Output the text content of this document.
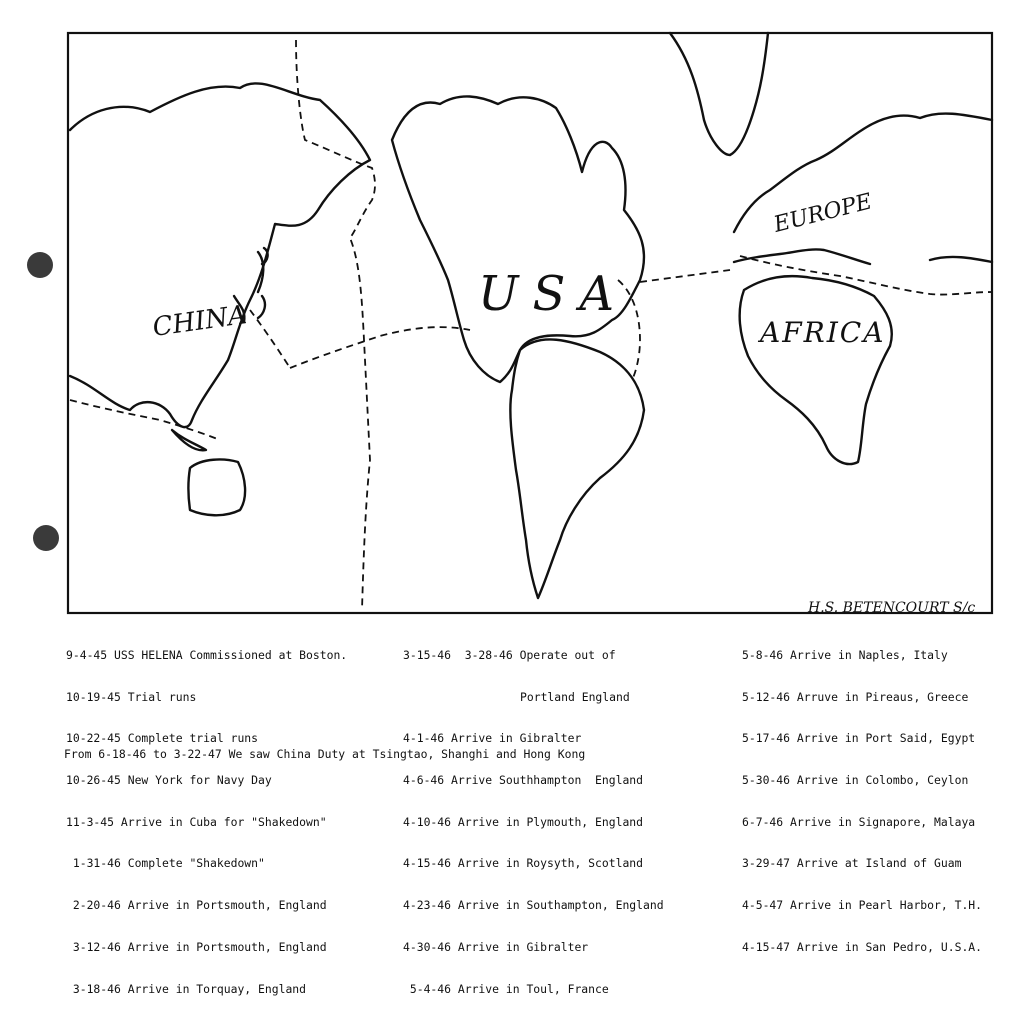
CHINA	USA
EUROPE
AFRICA
H.S. BETENCOURT S/c

9-4-45 USS HELENA Commissioned at Boston.

10-19-45 Trial runs

10-22-45 Complete trial runs

10-26-45 New York for Navy Day

11-3-45 Arrive in Cuba for "Shakedown"

1-31-46 Complete "Shakedown"

2-20-46 Arrive in Portsmouth, England

3-12-46 Arrive in Portsmouth, England

3-18-46 Arrive in Torquay, England

3-15-46  3-28-46 Operate out of

Portland England

4-1-46 Arrive in Gibralter

4-6-46 Arrive Southhampton  England

4-10-46 Arrive in Plymouth, England

4-15-46 Arrive in Roysyth, Scotland

4-23-46 Arrive in Southampton, England

4-30-46 Arrive in Gibralter

5-4-46 Arrive in Toul, France

5-8-46 Arrive in Naples, Italy

5-12-46 Arruve in Pireaus, Greece

5-17-46 Arrive in Port Said, Egypt

5-30-46 Arrive in Colombo, Ceylon

6-7-46 Arrive in Signapore, Malaya

3-29-47 Arrive at Island of Guam

4-5-47 Arrive in Pearl Harbor, T.H.

4-15-47 Arrive in San Pedro, U.S.A.

From 6-18-46 to 3-22-47 We saw China Duty at Tsingtao, Shanghi and Hong Kong
